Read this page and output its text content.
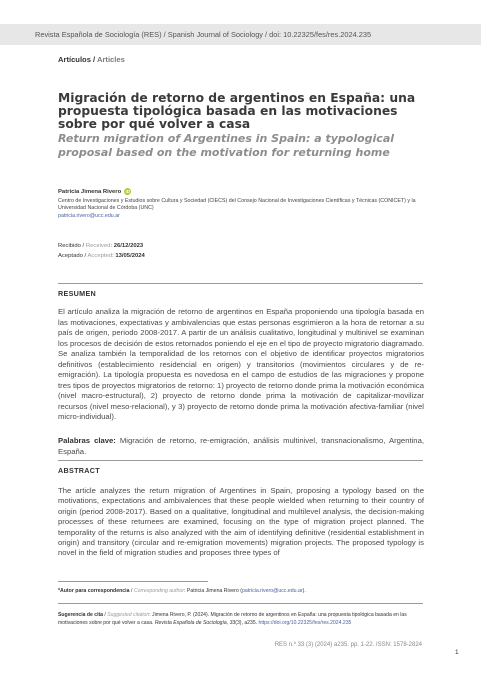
Revista Española de Sociología (RES) / Spanish Journal of Sociology / doi: 10.22325/fes/res.2024.235
Artículos / Articles
Migración de retorno de argentinos en España: una propuesta tipológica basada en las motivaciones sobre por qué volver a casa
Return migration of Argentines in Spain: a typological proposal based on the motivation for returning home
Patricia Jimena Rivero iD
Centro de Investigaciones y Estudios sobre Cultura y Sociedad (CIECS) del Consejo Nacional de Investigaciones Científicas y Técnicas (CONICET) y la Universidad Nacional de Córdoba (UNC)
patricia.rivero@ucc.edu.ar
Recibido / Received: 26/12/2023
Aceptado / Accepted: 13/05/2024
RESUMEN
El artículo analiza la migración de retorno de argentinos en España proponiendo una tipología basada en las motivaciones, expectativas y ambivalencias que estas personas esgrimieron a la hora de retornar a su país de origen, periodo 2008-2017. A partir de un análisis cualitativo, longitudinal y multinivel se examinan los procesos de decisión de estos retornados poniendo el eje en el tipo de proyecto migratorio diagramado. Se analiza también la temporalidad de los retornos con el objetivo de identificar proyectos migratorios definitivos (establecimiento residencial en origen) y transitorios (movimientos circulares y de re-emigración). La tipología propuesta es novedosa en el campo de estudios de las migraciones y propone tres tipos de proyectos migratorios de retorno: 1) proyecto de retorno donde prima la motivación económica (nivel macro-estructural), 2) proyecto de retorno donde prima la motivación de capitalizar-movilizar recursos (nivel meso-relacional), y 3) proyecto de retorno donde prima la motivación afectiva-familiar (nivel micro-individual).
Palabras clave: Migración de retorno, re-emigración, análisis multinivel, transnacionalismo, Argentina, España.
ABSTRACT
The article analyzes the return migration of Argentines in Spain, proposing a typology based on the motivations, expectations and ambivalences that these people wielded when returning to their country of origin (period 2008-2017). Based on a qualitative, longitudinal and multilevel analysis, the decision-making processes of these returnees are examined, focusing on the type of migration project planned. The temporality of the returns is also analyzed with the aim of identifying definitive (residential establishment in origin) and transitory (circular and re-emigration movements) migration projects. The proposed typology is novel in the field of migration studies and proposes three types of
*Autor para correspondencia / Corresponding author: Patricia Jimena Rivero (patricia.rivero@ucc.edu.ar).
Sugerencia de cita / Suggested citation: Jimena Rivero, P. (2024). Migración de retorno de argentinos en España: una propuesta tipológica basada en las motivaciones sobre por qué volver a casa. Revista Española de Sociología, 33(3), a235. https://doi.org/10.22325/fes/res.2024.235
RES n.º 33 (3) (2024) a235. pp. 1-22. ISSN: 1578-2824
1
